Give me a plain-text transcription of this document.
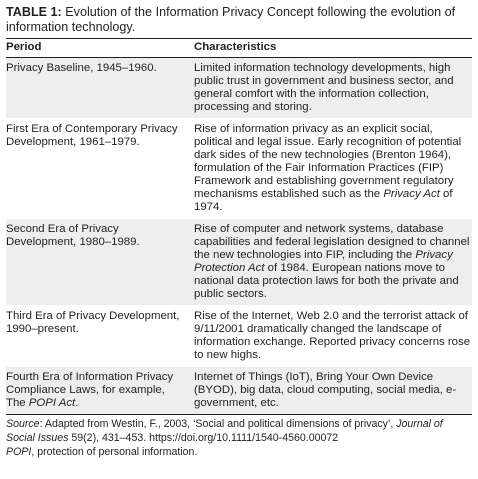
TABLE 1: Evolution of the Information Privacy Concept following the evolution of information technology.

Period	Characteristics
Privacy Baseline, 1945–1960.	Limited information technology developments, high public trust in government and business sector, and general comfort with the information collection, processing and storing.
First Era of Contemporary Privacy Development, 1961–1979.	Rise of information privacy as an explicit social, political and legal issue. Early recognition of potential dark sides of the new technologies (Brenton 1964), formulation of the Fair Information Practices (FIP) Framework and establishing government regulatory mechanisms established such as the Privacy Act of 1974.
Second Era of Privacy Development, 1980–1989.	Rise of computer and network systems, database capabilities and federal legislation designed to channel the new technologies into FIP, including the Privacy Protection Act of 1984. European nations move to national data protection laws for both the private and public sectors.
Third Era of Privacy Development, 1990–present.	Rise of the Internet, Web 2.0 and the terrorist attack of 9/11/2001 dramatically changed the landscape of information exchange. Reported privacy concerns rose to new highs.
Fourth Era of Information Privacy Compliance Laws, for example, The POPI Act.	Internet of Things (IoT), Bring Your Own Device (BYOD), big data, cloud computing, social media, e-government, etc.

Source: Adapted from Westin, F., 2003, ‘Social and political dimensions of privacy’, Journal of Social Issues 59(2), 431–453. https://doi.org/10.1111/1540-4560.00072

POPI, protection of personal information.
